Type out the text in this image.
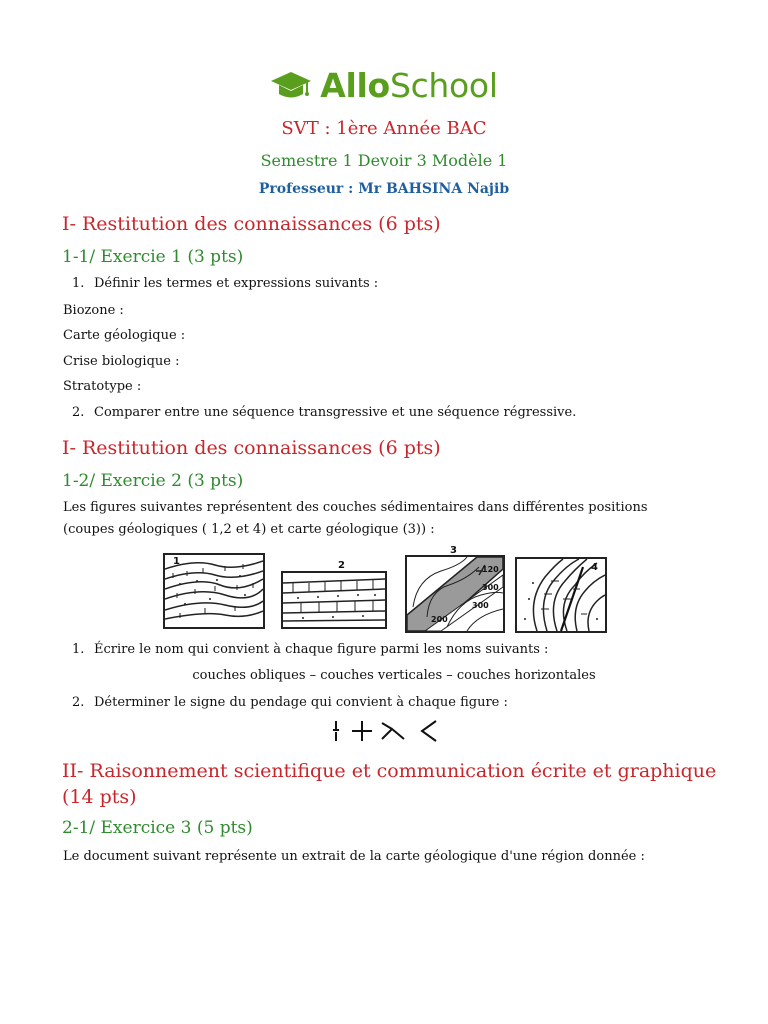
AlloSchool
SVT : 1ère Année BAC
Semestre 1 Devoir 3 Modèle 1
Professeur : Mr BAHSINA Najib
I- Restitution des connaissances (6 pts)
1-1/ Exercie 1 (3 pts)
1. Définir les termes et expressions suivants :
Biozone :
Carte géologique :
Crise biologique :
Stratotype :
2. Comparer entre une séquence transgressive et une séquence régressive.
I- Restitution des connaissances (6 pts)
1-2/ Exercie 2 (3 pts)
Les figures suivantes représentent des couches sédimentaires dans différentes positions
(coupes géologiques ( 1,2 et 4) et carte géologique (3)) :
1	2	120
300
300
200
3
4
1. Écrire le nom qui convient à chaque figure parmi les noms suivants :
couches obliques – couches verticales – couches horizontales
2. Déterminer le signe du pendage qui convient à chaque figure :
II- Raisonnement scientifique et communication écrite et graphique
(14 pts)
2-1/ Exercice 3 (5 pts)
Le document suivant représente un extrait de la carte géologique d'une région donnée :
